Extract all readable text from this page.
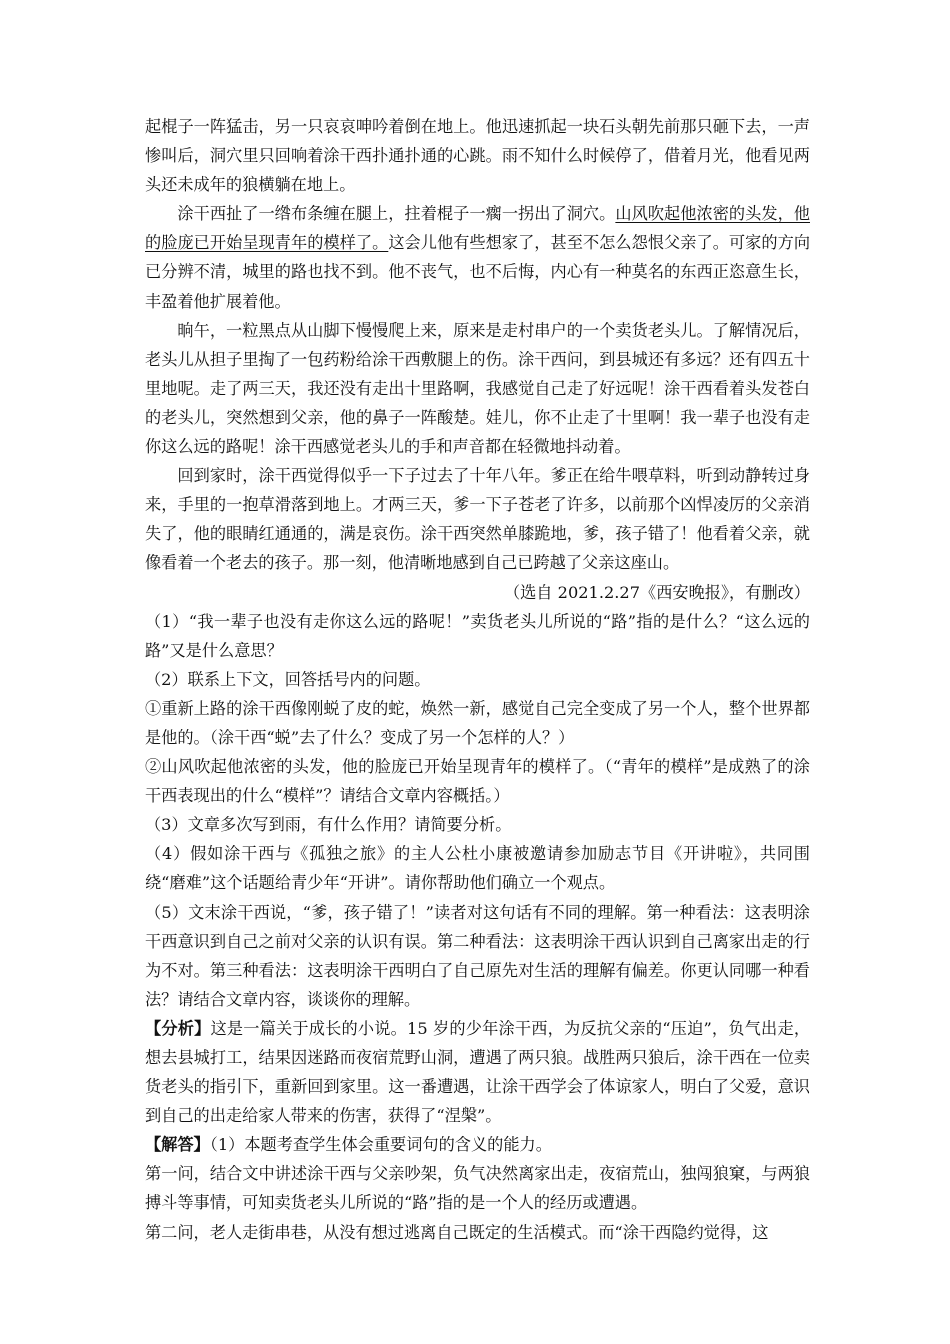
起棍子一阵猛击，另一只哀哀呻吟着倒在地上。他迅速抓起一块石头朝先前那只砸下去，一声惨叫后，洞穴里只回响着涂干西扑通扑通的心跳。雨不知什么时候停了，借着月光，他看见两头还未成年的狼横躺在地上。

涂干西扯了一绺布条缠在腿上，拄着棍子一瘸一拐出了洞穴。山风吹起他浓密的头发，他的脸庞已开始呈现青年的模样了。这会儿他有些想家了，甚至不怎么怨恨父亲了。可家的方向已分辨不清，城里的路也找不到。他不丧气，也不后悔，内心有一种莫名的东西正恣意生长，丰盈着他扩展着他。

晌午，一粒黑点从山脚下慢慢爬上来，原来是走村串户的一个卖货老头儿。了解情况后，老头儿从担子里掏了一包药粉给涂干西敷腿上的伤。涂干西问，到县城还有多远？还有四五十里地呢。走了两三天，我还没有走出十里路啊，我感觉自己走了好远呢！涂干西看着头发苍白的老头儿，突然想到父亲，他的鼻子一阵酸楚。娃儿，你不止走了十里啊！我一辈子也没有走你这么远的路呢！涂干西感觉老头儿的手和声音都在轻微地抖动着。

回到家时，涂干西觉得似乎一下子过去了十年八年。爹正在给牛喂草料，听到动静转过身来，手里的一抱草滑落到地上。才两三天，爹一下子苍老了许多，以前那个凶悍凌厉的父亲消失了，他的眼睛红通通的，满是哀伤。涂干西突然单膝跪地，爹，孩子错了！他看着父亲，就像看着一个老去的孩子。那一刻，他清晰地感到自己已跨越了父亲这座山。

（选自 2021.2.27《西安晚报》，有删改）

（1）“我一辈子也没有走你这么远的路呢！”卖货老头儿所说的“路”指的是什么？“这么远的路”又是什么意思？

（2）联系上下文，回答括号内的问题。

①重新上路的涂干西像刚蜕了皮的蛇，焕然一新，感觉自己完全变成了另一个人，整个世界都是他的。（涂干西“蜕”去了什么？变成了另一个怎样的人？）

②山风吹起他浓密的头发，他的脸庞已开始呈现青年的模样了。（“青年的模样”是成熟了的涂干西表现出的什么“模样”？请结合文章内容概括。）

（3）文章多次写到雨，有什么作用？请简要分析。

（4）假如涂干西与《孤独之旅》的主人公杜小康被邀请参加励志节目《开讲啦》，共同围绕“磨难”这个话题给青少年“开讲”。请你帮助他们确立一个观点。

（5）文末涂干西说，“爹，孩子错了！”读者对这句话有不同的理解。第一种看法：这表明涂干西意识到自己之前对父亲的认识有误。第二种看法：这表明涂干西认识到自己离家出走的行为不对。第三种看法：这表明涂干西明白了自己原先对生活的理解有偏差。你更认同哪一种看法？请结合文章内容，谈谈你的理解。

【分析】这是一篇关于成长的小说。15 岁的少年涂干西，为反抗父亲的“压迫”，负气出走，想去县城打工，结果因迷路而夜宿荒野山洞，遭遇了两只狼。战胜两只狼后，涂干西在一位卖货老头的指引下，重新回到家里。这一番遭遇，让涂干西学会了体谅家人，明白了父爱，意识到自己的出走给家人带来的伤害，获得了“涅槃”。

【解答】（1）本题考查学生体会重要词句的含义的能力。

第一问，结合文中讲述涂干西与父亲吵架，负气决然离家出走，夜宿荒山，独闯狼窠，与两狼搏斗等事情，可知卖货老头儿所说的“路”指的是一个人的经历或遭遇。

第二问，老人走街串巷，从没有想过逃离自己既定的生活模式。而“涂干西隐约觉得，这
